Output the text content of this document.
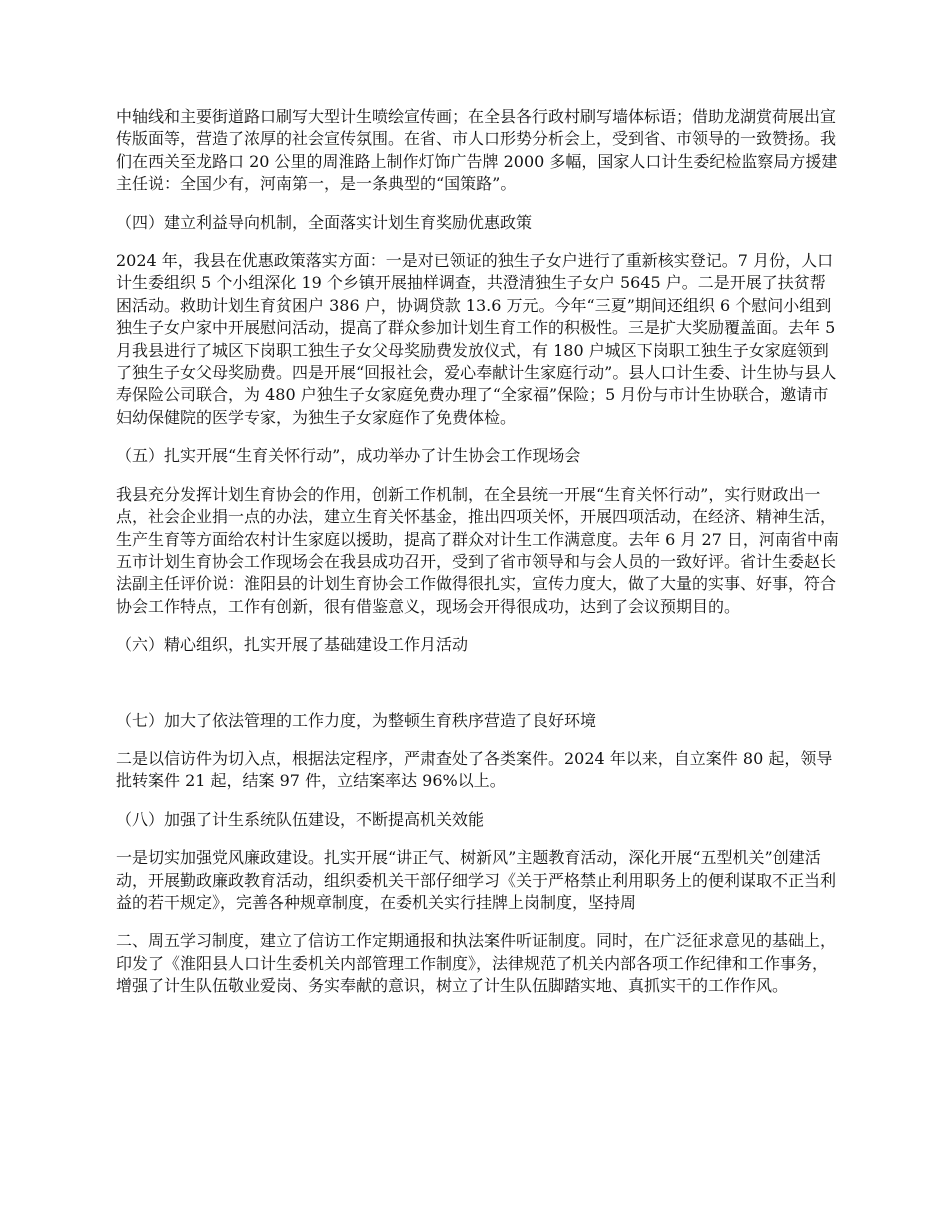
中轴线和主要街道路口刷写大型计生喷绘宣传画；在全县各行政村刷写墙体标语；借助龙湖赏荷展出宣传版面等，营造了浓厚的社会宣传氛围。在省、市人口形势分析会上，受到省、市领导的一致赞扬。我们在西关至龙路口 20 公里的周淮路上制作灯饰广告牌 2000 多幅，国家人口计生委纪检监察局方援建主任说：全国少有，河南第一，是一条典型的“国策路”。

（四）建立利益导向机制，全面落实计划生育奖励优惠政策

2024 年，我县在优惠政策落实方面：一是对已领证的独生子女户进行了重新核实登记。7 月份，人口计生委组织 5 个小组深化 19 个乡镇开展抽样调查，共澄清独生子女户 5645 户。二是开展了扶贫帮困活动。救助计划生育贫困户 386 户，协调贷款 13.6 万元。今年“三夏”期间还组织 6 个慰问小组到独生子女户家中开展慰问活动，提高了群众参加计划生育工作的积极性。三是扩大奖励覆盖面。去年 5 月我县进行了城区下岗职工独生子女父母奖励费发放仪式，有 180 户城区下岗职工独生子女家庭领到了独生子女父母奖励费。四是开展“回报社会，爱心奉献计生家庭行动”。县人口计生委、计生协与县人寿保险公司联合，为 480 户独生子女家庭免费办理了“全家福”保险；5 月份与市计生协联合，邀请市妇幼保健院的医学专家，为独生子女家庭作了免费体检。

（五）扎实开展“生育关怀行动”，成功举办了计生协会工作现场会

我县充分发挥计划生育协会的作用，创新工作机制，在全县统一开展“生育关怀行动”，实行财政出一点，社会企业捐一点的办法，建立生育关怀基金，推出四项关怀，开展四项活动，在经济、精神生活，生产生育等方面给农村计生家庭以援助，提高了群众对计生工作满意度。去年 6 月 27 日，河南省中南五市计划生育协会工作现场会在我县成功召开，受到了省市领导和与会人员的一致好评。省计生委赵长法副主任评价说：淮阳县的计划生育协会工作做得很扎实，宣传力度大，做了大量的实事、好事，符合协会工作特点，工作有创新，很有借鉴意义，现场会开得很成功，达到了会议预期目的。

（六）精心组织，扎实开展了基础建设工作月活动

（七）加大了依法管理的工作力度，为整顿生育秩序营造了良好环境

二是以信访件为切入点，根据法定程序，严肃查处了各类案件。2024 年以来，自立案件 80 起，领导批转案件 21 起，结案 97 件，立结案率达 96%以上。

（八）加强了计生系统队伍建设，不断提高机关效能

一是切实加强党风廉政建设。扎实开展“讲正气、树新风”主题教育活动，深化开展“五型机关”创建活动，开展勤政廉政教育活动，组织委机关干部仔细学习《关于严格禁止利用职务上的便利谋取不正当利益的若干规定》，完善各种规章制度，在委机关实行挂牌上岗制度，坚持周

二、周五学习制度，建立了信访工作定期通报和执法案件听证制度。同时，在广泛征求意见的基础上，印发了《淮阳县人口计生委机关内部管理工作制度》，法律规范了机关内部各项工作纪律和工作事务，增强了计生队伍敬业爱岗、务实奉献的意识，树立了计生队伍脚踏实地、真抓实干的工作作风。
